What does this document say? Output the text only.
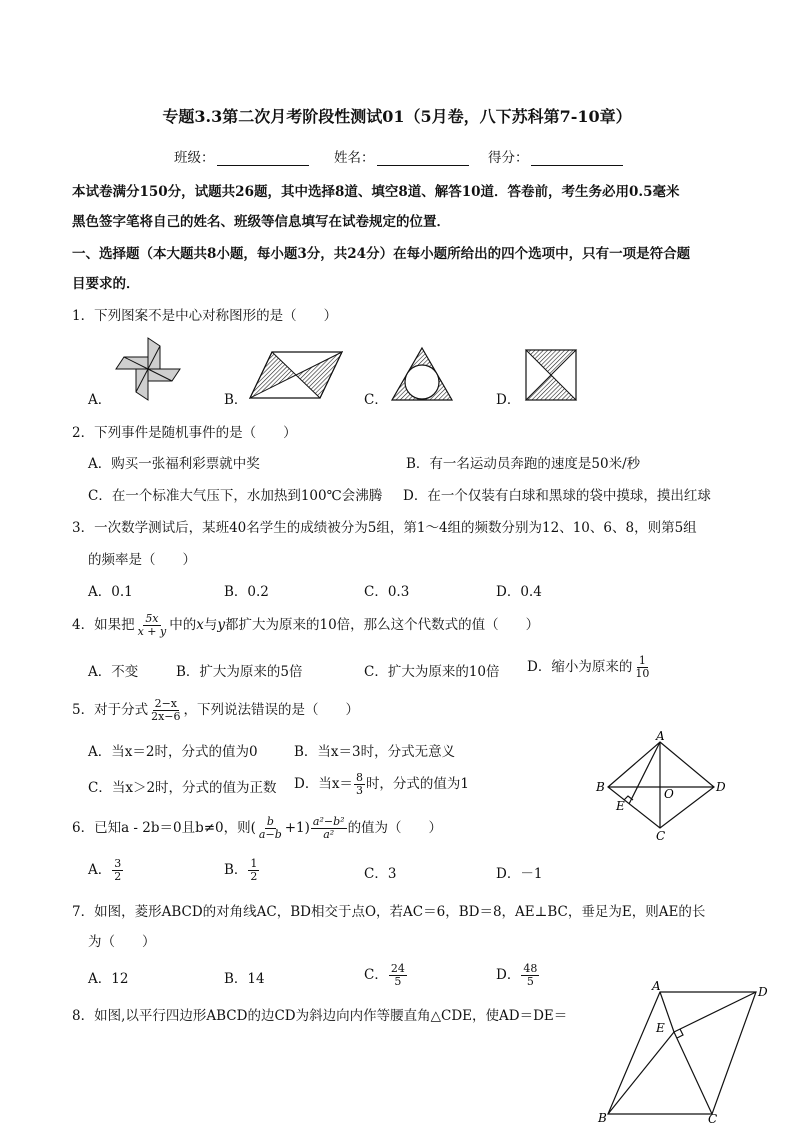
专题3.3第二次月考阶段性测试01（5月卷，八下苏科第7-10章）
班级：	姓名：	得分：
本试卷满分150分，试题共26题，其中选择8道、填空8道、解答10道．答卷前，考生务必用0.5毫米
黑色签字笔将自己的姓名、班级等信息填写在试卷规定的位置．
一、选择题（本大题共8小题，每小题3分，共24分）在每小题所给出的四个选项中，只有一项是符合题
目要求的．
1．下列图案不是中心对称图形的是（　　）
A．	B．	C．	D．
2．下列事件是随机事件的是（　　）
A．购买一张福利彩票就中奖	B．有一名运动员奔跑的速度是50米/秒
C．在一个标准大气压下，水加热到100℃会沸腾 D．在一个仅装有白球和黑球的袋中摸球，摸出红球
3．一次数学测试后，某班40名学生的成绩被分为5组，第1～4组的频数分别为12、10、6、8，则第5组
的频率是（　　）
A．0.1	B．0.2	C．0.3	D．0.4
4．如果把 $\frac{5x}{x + y}$ 中的x与y都扩大为原来的10倍，那么这个代数式的值（　　）
A．不变	B．扩大为原来的5倍	C．扩大为原来的10倍 D．缩小为原来的 $\frac{1}{10}$
5．对于分式 $\frac{2-x}{2x-6}$ ，下列说法错误的是（　　）
A．当x＝2时，分式的值为0	B．当x＝3时，分式无意义
C．当x＞2时，分式的值为正数 D．当$x= \frac{8}{3}$ 时，分式的值为1
A
B
C
D
E
O
6．已知a - 2b＝0且b≠0，则( $\frac{b}{a-b} +1) \frac{\text{a²−b²}}{\text{a²}}$ 的值为（　　）
A． $\frac{3}{2}$	B． $\frac{1}{2}$	C．3	D．－1
7．如图，菱形ABCD的对角线AC，BD相交于点O，若AC＝6，BD＝8，AE⊥BC，垂足为E，则AE的长
为（　　）
A．12	B．14	C． $\frac{24}{5}$	D． $\frac{48}{5}$
8．如图,以平行四边形ABCD的边CD为斜边向内作等腰直角△CDE，使AD＝DE＝
A	D
E
B	C
